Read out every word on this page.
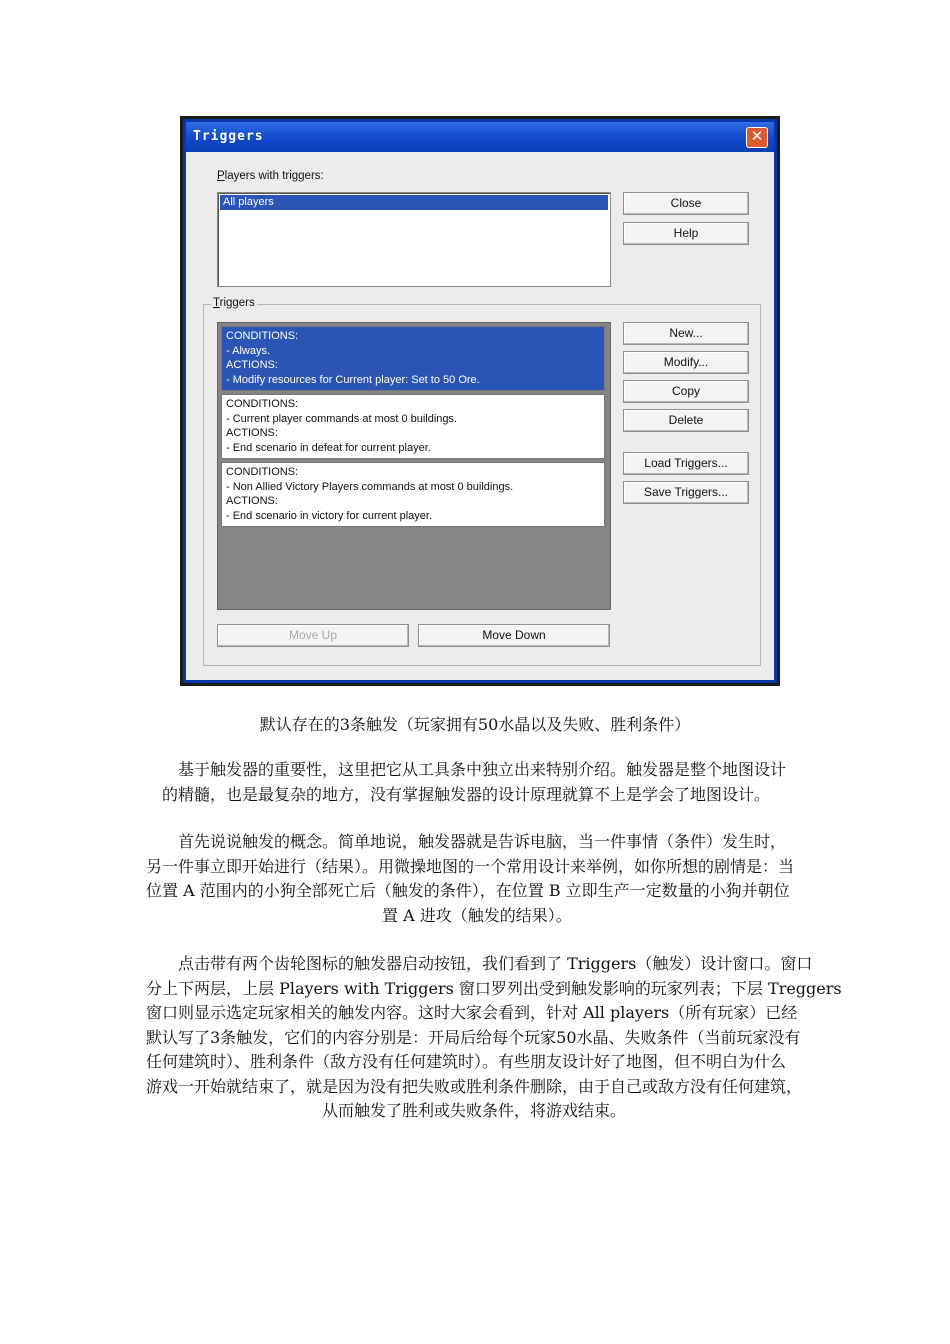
Triggers	✕
Players with triggers:
All players	Close
Help
Triggers
CONDITIONS:
- Always.
ACTIONS:
- Modify resources for Current player: Set to 50 Ore.
CONDITIONS:
- Current player commands at most 0 buildings.
ACTIONS:
- End scenario in defeat for current player.
CONDITIONS:
- Non Allied Victory Players commands at most 0 buildings.
ACTIONS:
- End scenario in victory for current player.
New...
Modify...
Copy
Delete
Load Triggers...
Save Triggers...
Move Up	Move Down
默认存在的3条触发（玩家拥有50水晶以及失败、胜利条件）
基于触发器的重要性，这里把它从工具条中独立出来特别介绍。触发器是整个地图设计
的精髓，也是最复杂的地方，没有掌握触发器的设计原理就算不上是学会了地图设计。
首先说说触发的概念。简单地说，触发器就是告诉电脑，当一件事情（条件）发生时，
另一件事立即开始进行（结果）。用微操地图的一个常用设计来举例，如你所想的剧情是：当
位置 A 范围内的小狗全部死亡后（触发的条件），在位置 B 立即生产一定数量的小狗并朝位
置 A 进攻（触发的结果）。
点击带有两个齿轮图标的触发器启动按钮，我们看到了 Triggers（触发）设计窗口。窗口
分上下两层，上层 Players with Triggers 窗口罗列出受到触发影响的玩家列表；下层 Treggers
窗口则显示选定玩家相关的触发内容。这时大家会看到，针对 All players（所有玩家）已经
默认写了3条触发，它们的内容分别是：开局后给每个玩家50水晶、失败条件（当前玩家没有
任何建筑时）、胜利条件（敌方没有任何建筑时）。有些朋友设计好了地图，但不明白为什么
游戏一开始就结束了，就是因为没有把失败或胜利条件删除，由于自己或敌方没有任何建筑，
从而触发了胜利或失败条件，将游戏结束。
